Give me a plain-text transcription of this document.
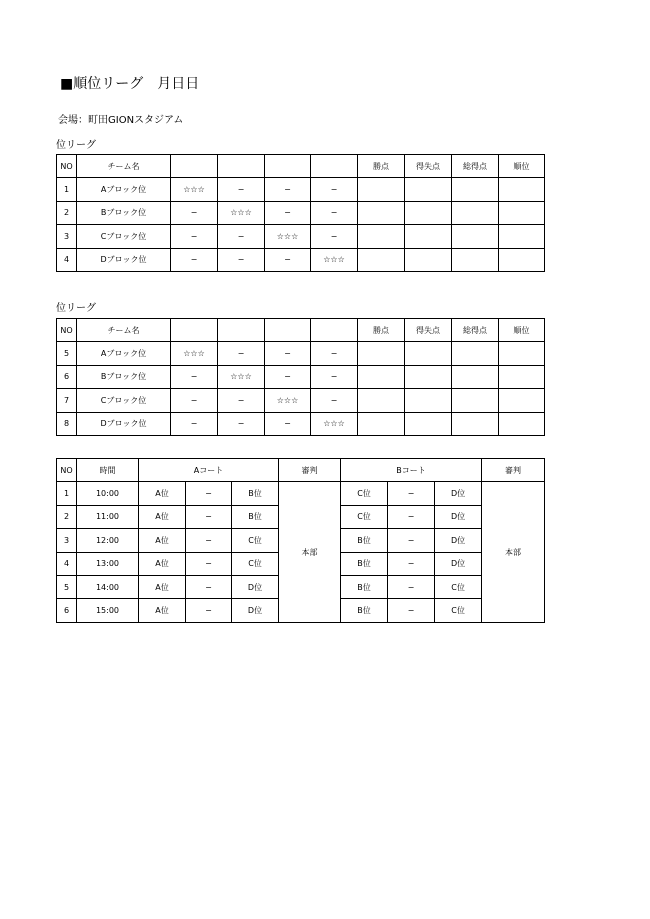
■順位リーグ　月日日
会場：町田GIONスタジアム
位リーグ
NO	チーム名					勝点	得失点	総得点	順位
1	Aブロック位	☆☆☆	−	−	−				
2	Bブロック位	−	☆☆☆	−	−				
3	Cブロック位	−	−	☆☆☆	−				
4	Dブロック位	−	−	−	☆☆☆				
位リーグ
NO	チーム名					勝点	得失点	総得点	順位
5	Aブロック位	☆☆☆	−	−	−				
6	Bブロック位	−	☆☆☆	−	−				
7	Cブロック位	−	−	☆☆☆	−				
8	Dブロック位	−	−	−	☆☆☆				
NO	時間	Aコート			審判	Bコート			審判
1	10:00	A位	−	B位	本部	C位	−	D位	本部
2	11:00	A位	−	B位		C位	−	D位	
3	12:00	A位	−	C位		B位	−	D位	
4	13:00	A位	−	C位		B位	−	D位	
5	14:00	A位	−	D位		B位	−	C位	
6	15:00	A位	−	D位		B位	−	C位	
